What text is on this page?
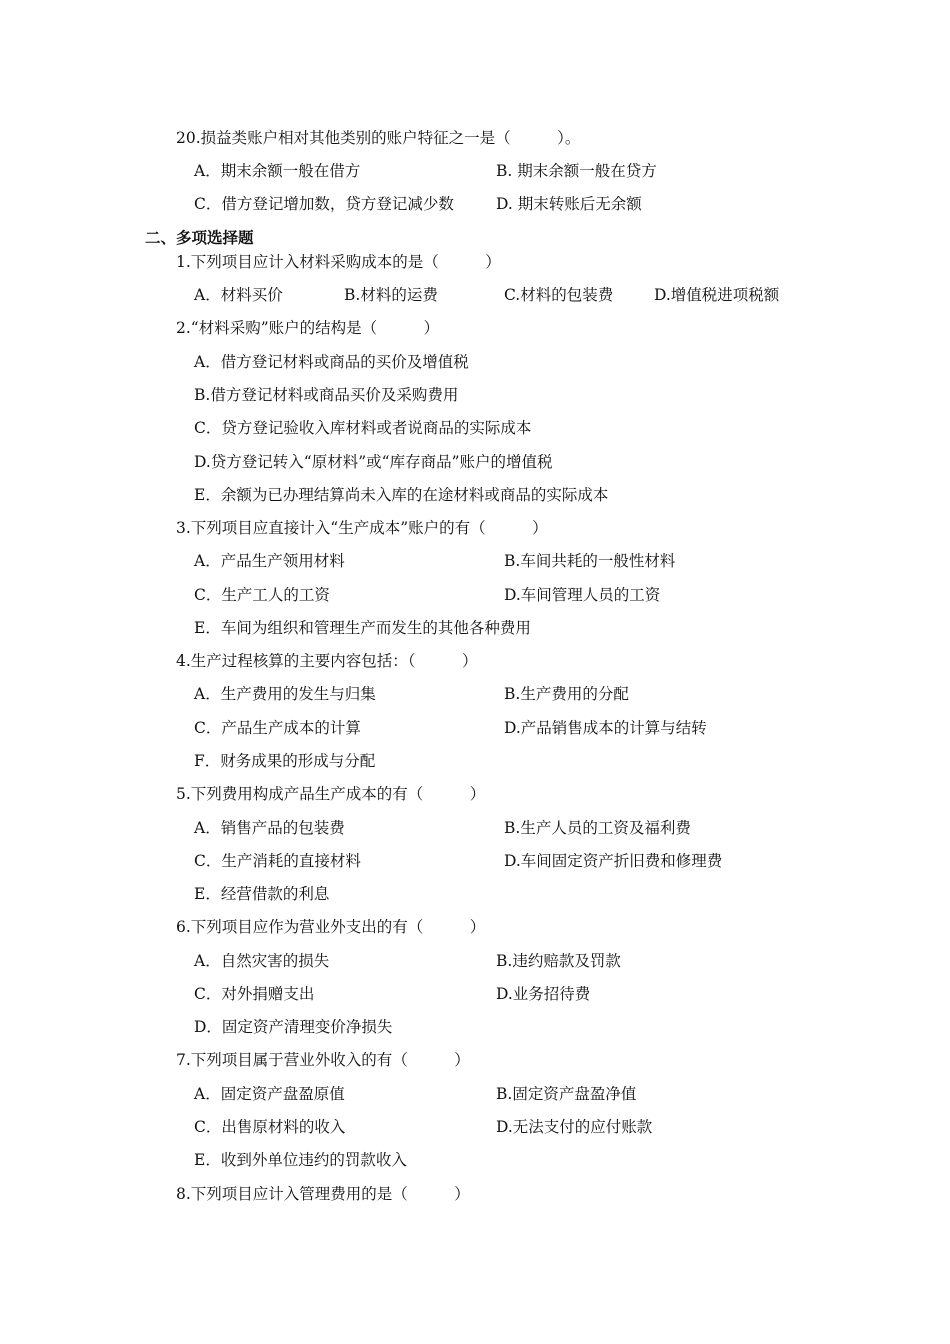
20.损益类账户相对其他类别的账户特征之一是（　　　）。
A．期末余额一般在借方	B. 期末余额一般在贷方
C．借方登记增加数，贷方登记减少数	D. 期末转账后无余额
二、多项选择题
1.下列项目应计入材料采购成本的是（　　　）
A．材料买价	B.材料的运费	C.材料的包装费	D.增值税进项税额
2.“材料采购”账户的结构是（　　　）
A．借方登记材料或商品的买价及增值税
B.借方登记材料或商品买价及采购费用
C．贷方登记验收入库材料或者说商品的实际成本
D.贷方登记转入“原材料”或“库存商品”账户的增值税
E．余额为已办理结算尚未入库的在途材料或商品的实际成本
3.下列项目应直接计入“生产成本”账户的有（　　　）
A．产品生产领用材料	B.车间共耗的一般性材料
C．生产工人的工资	D.车间管理人员的工资
E．车间为组织和管理生产而发生的其他各种费用
4.生产过程核算的主要内容包括：（　　　）
A．生产费用的发生与归集	B.生产费用的分配
C．产品生产成本的计算	D.产品销售成本的计算与结转
F．财务成果的形成与分配
5.下列费用构成产品生产成本的有（　　　）
A．销售产品的包装费	B.生产人员的工资及福利费
C．生产消耗的直接材料	D.车间固定资产折旧费和修理费
E．经营借款的利息
6.下列项目应作为营业外支出的有（　　　）
A．自然灾害的损失	B.违约赔款及罚款
C．对外捐赠支出	D.业务招待费
D．固定资产清理变价净损失
7.下列项目属于营业外收入的有（　　　）
A．固定资产盘盈原值	B.固定资产盘盈净值
C．出售原材料的收入	D.无法支付的应付账款
E．收到外单位违约的罚款收入
8.下列项目应计入管理费用的是（　　　）
